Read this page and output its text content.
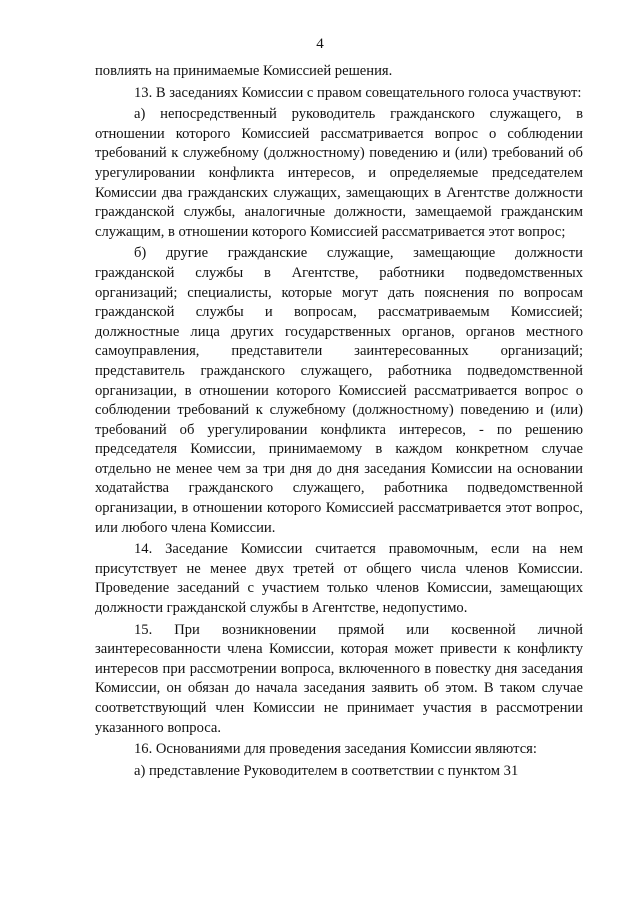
4

повлиять на принимаемые Комиссией решения.

13. В заседаниях Комиссии с правом совещательного голоса участвуют:

а) непосредственный руководитель гражданского служащего, в отношении которого Комиссией рассматривается вопрос о соблюдении требований к служебному (должностному) поведению и (или) требований об урегулировании конфликта интересов, и определяемые председателем Комиссии два гражданских служащих, замещающих в Агентстве должности гражданской службы, аналогичные должности, замещаемой гражданским служащим, в отношении которого Комиссией рассматривается этот вопрос;

б) другие гражданские служащие, замещающие должности гражданской службы в Агентстве, работники подведомственных организаций; специалисты, которые могут дать пояснения по вопросам гражданской службы и вопросам, рассматриваемым Комиссией; должностные лица других государственных органов, органов местного самоуправления, представители заинтересованных организаций; представитель гражданского служащего, работника подведомственной организации, в отношении которого Комиссией рассматривается вопрос о соблюдении требований к служебному (должностному) поведению и (или) требований об урегулировании конфликта интересов, - по решению председателя Комиссии, принимаемому в каждом конкретном случае отдельно не менее чем за три дня до дня заседания Комиссии на основании ходатайства гражданского служащего, работника подведомственной организации, в отношении которого Комиссией рассматривается этот вопрос, или любого члена Комиссии.

14. Заседание Комиссии считается правомочным, если на нем присутствует не менее двух третей от общего числа членов Комиссии. Проведение заседаний с участием только членов Комиссии, замещающих должности гражданской службы в Агентстве, недопустимо.

15. При возникновении прямой или косвенной личной заинтересованности члена Комиссии, которая может привести к конфликту интересов при рассмотрении вопроса, включенного в повестку дня заседания Комиссии, он обязан до начала заседания заявить об этом. В таком случае соответствующий член Комиссии не принимает участия в рассмотрении указанного вопроса.

16. Основаниями для проведения заседания Комиссии являются:

а) представление Руководителем в соответствии с пунктом 31
